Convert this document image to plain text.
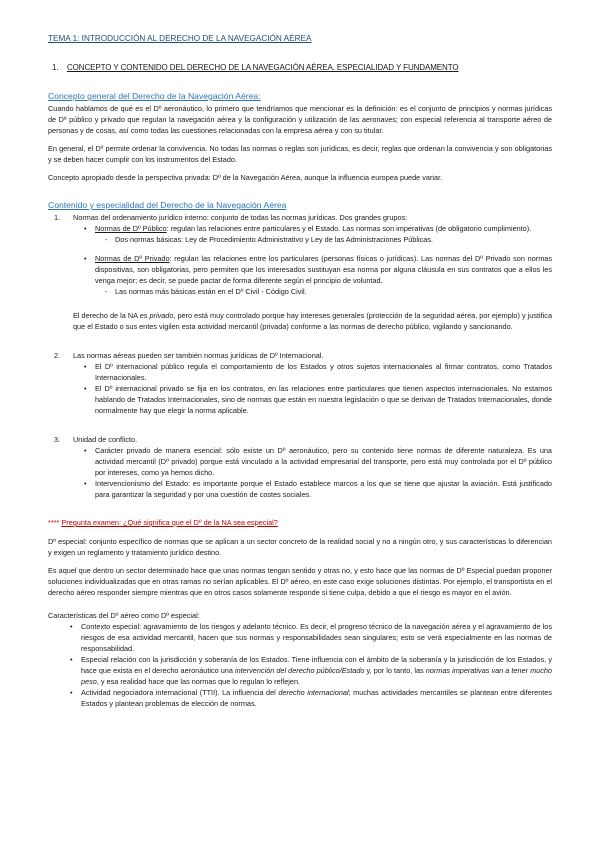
TEMA 1: INTRODUCCIÓN AL DERECHO DE LA NAVEGACIÓN AÉREA
1. CONCEPTO Y CONTENIDO DEL DERECHO DE LA NAVEGACIÓN AÉREA. ESPECIALIDAD Y FUNDAMENTO
Concepto general del Derecho de la Navegación Aérea:

Cuando hablamos de qué es el Dº aeronáutico, lo primero que tendríamos que mencionar es la definición: es el conjunto de principios y normas jurídicas de Dº público y privado que regulan la navegación aérea y la configuración y utilización de las aeronaves; con especial referencia al transporte aéreo de personas y de cosas, así como todas las cuestiones relacionadas con la empresa aérea y con su titular.

En general, el Dº permite ordenar la convivencia. No todas las normas o reglas son jurídicas, es decir, reglas que ordenan la convivencia y son obligatorias y se deben hacer cumplir con los instrumentos del Estado.

Concepto apropiado desde la perspectiva privada: Dº de la Navegación Aérea, aunque la influencia europea puede variar.

Contenido y especialidad del Derecho de la Navegación Aérea
1. Normas del ordenamiento jurídico interno: conjunto de todas las normas jurídicas. Dos grandes grupos:
• Normas de Dº Público: regulan las relaciones entre particulares y el Estado. Las normas son imperativas (de obligatorio cumplimiento).
- Dos normas básicas: Ley de Procedimiento Administrativo y Ley de las Administraciones Públicas.
• Normas de Dº Privado: regulan las relaciones entre los particulares (personas físicas o jurídicas). Las normas del Dº Privado son normas dispositivas, son obligatorias, pero permiten que los interesados sustituyan esa norma por alguna cláusula en sus contratos que a ellos les venga mejor; es decir, se puede pactar de forma diferente según el principio de voluntad.
- Las normas más básicas están en el Dº Civil - Código Civil.

El derecho de la NA es privado, pero está muy controlado porque hay intereses generales (protección de la seguridad aérea, por ejemplo) y justifica que el Estado o sus entes vigilen esta actividad mercantil (privada) conforme a las normas de derecho público, vigilando y sancionando.

2. Las normas aéreas pueden ser también normas jurídicas de Dº Internacional.
• El Dº internacional público regula el comportamiento de los Estados y otros sujetos internacionales al firmar contratos, como Tratados Internacionales.
• El Dº internacional privado se fija en los contratos, en las relaciones entre particulares que tienen aspectos internacionales. No estamos hablando de Tratados Internacionales, sino de normas que están en nuestra legislación o que se derivan de Tratados Internacionales, donde normalmente hay que elegir la norma aplicable.
3. Unidad de conflicto.
• Carácter privado de manera esencial: sólo existe un Dº aeronáutico, pero su contenido tiene normas de diferente naturaleza. Es una actividad mercantil (Dº privado) porque está vinculado a la actividad empresarial del transporte, pero está muy controlada por el Dº público por intereses, como ya hemos dicho.
• Intervencionismo del Estado: es importante porque el Estado establece marcos a los que se tiene que ajustar la aviación. Está justificado para garantizar la seguridad y por una cuestión de costes sociales.
**** Pregunta examen: ¿Qué significa que el Dº de la NA sea especial?

Dº especial: conjunto específico de normas que se aplican a un sector concreto de la realidad social y no a ningún otro, y sus características lo diferencian y exigen un reglamento y tratamiento jurídico destino.

Es aquel que dentro un sector determinado hace que unas normas tengan sentido y otras no, y esto hace que las normas de Dº Especial puedan proponer soluciones individualizadas que en otras ramas no serían aplicables. El Dº aéreo, en este caso exige soluciones distintas. Por ejemplo, el transportista en el derecho aéreo responder siempre mientras que en otros casos solamente responde si tiene culpa, debido a que el riesgo es mayor en el avión.

Características del Dº aéreo como Dº especial:
• Contexto especial: agravamiento de los riesgos y adelanto técnico. Es decir, el progreso técnico de la navegación aérea y el agravamiento de los riesgos de esa actividad mercantil, hacen que sus normas y responsabilidades sean singulares; esto se verá especialmente en las normas de responsabilidad.
• Especial relación con la jurisdicción y soberanía de los Estados. Tiene influencia con el ámbito de la soberanía y la jurisdicción de los Estados, y hace que exista en el derecho aeronáutico una intervención del derecho público/Estado y, por lo tanto, las normas imperativas van a tener mucho peso, y esa realidad hace que las normas que lo regulan lo reflejen.
• Actividad negociadora internacional (TTII). La influencia del derecho internacional; muchas actividades mercantiles se plantean entre diferentes Estados y plantean problemas de elección de normas.
